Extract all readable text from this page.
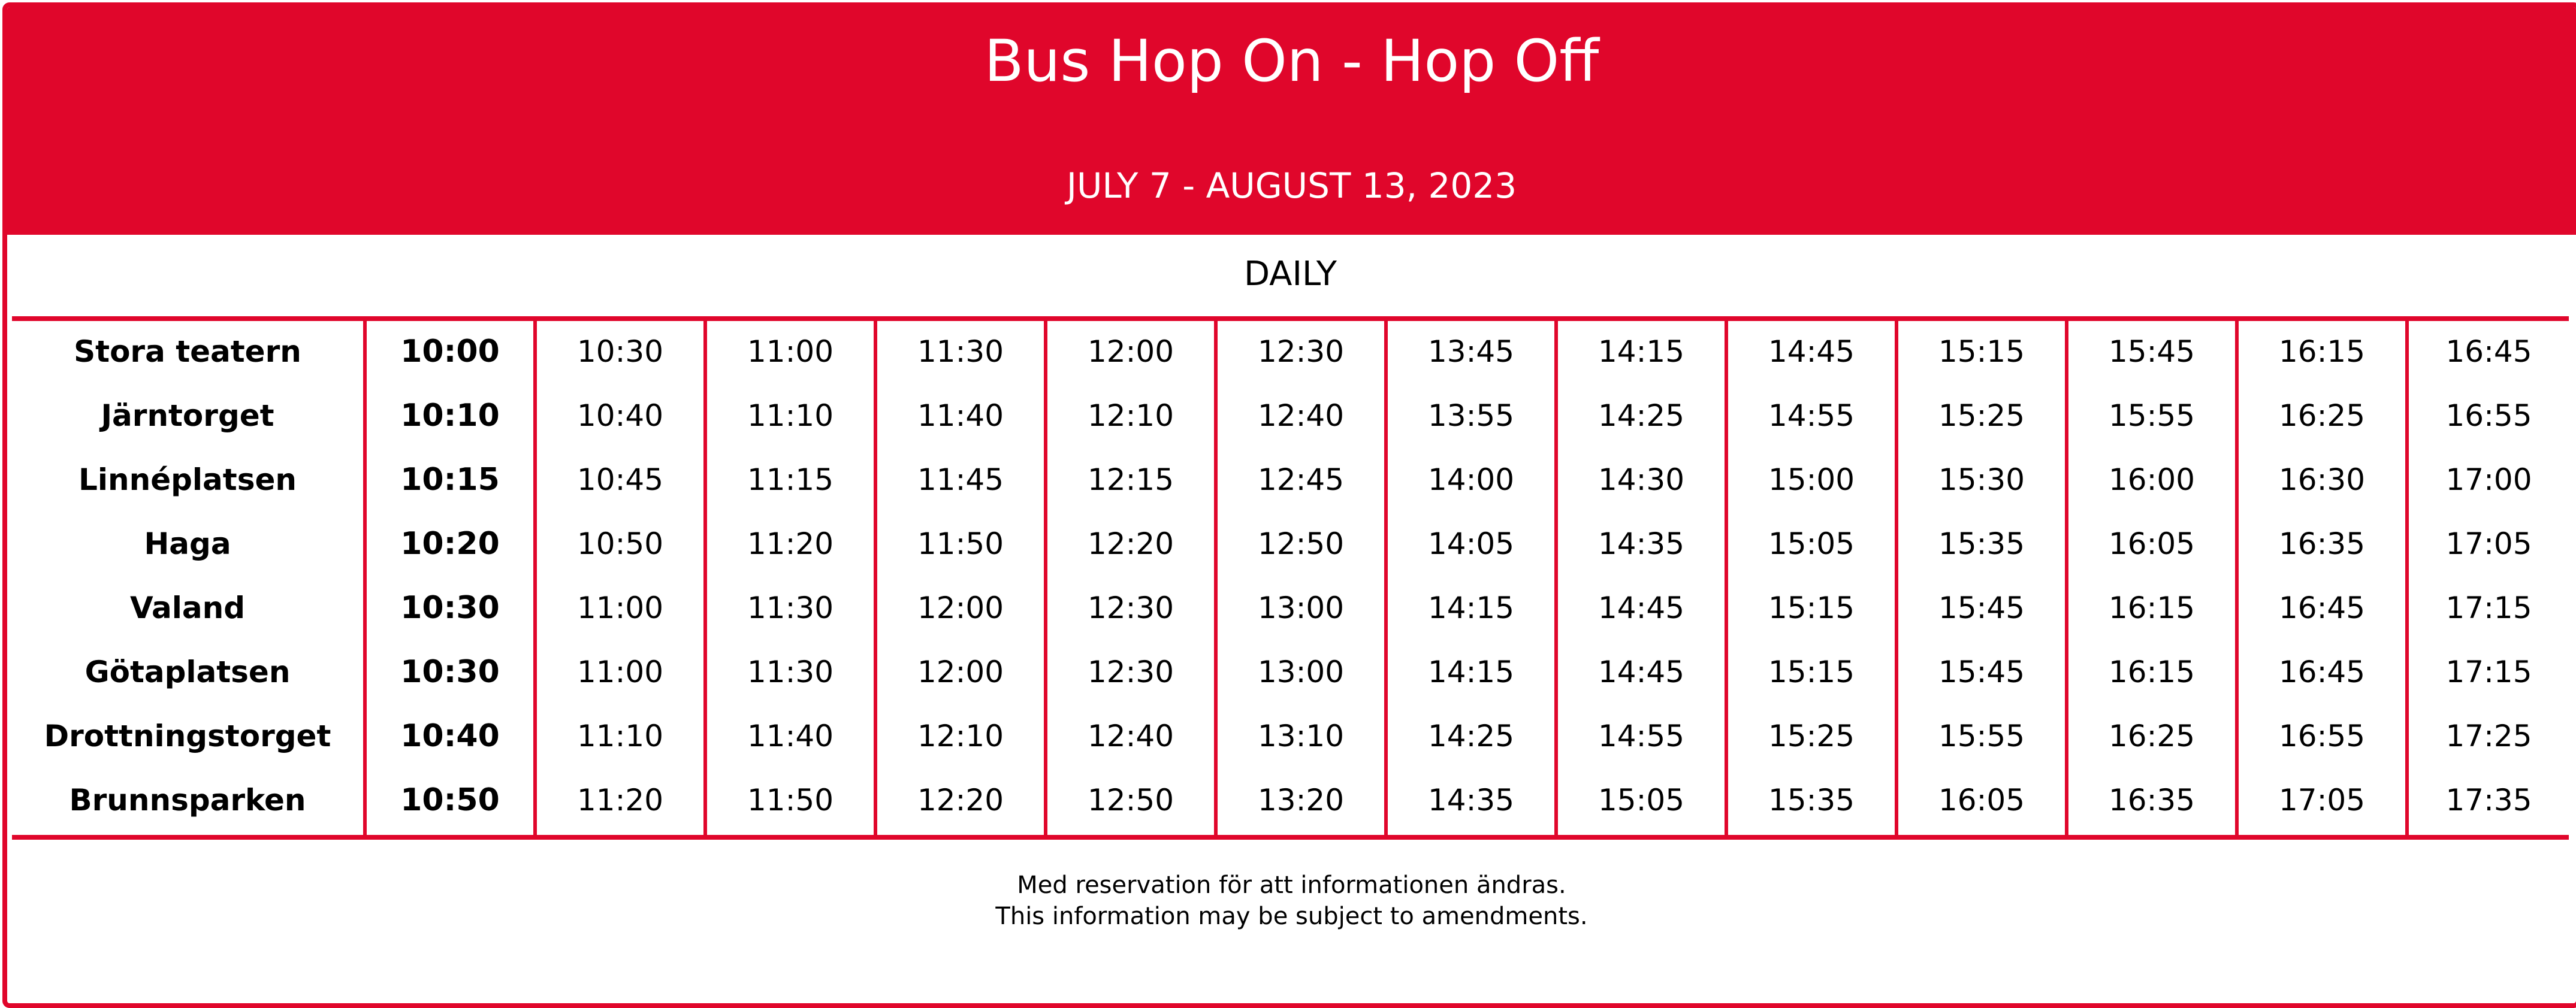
Bus Hop On - Hop Off
JULY 7 - AUGUST 13, 2023
DAILY
Stora teatern
Järntorget
Linnéplatsen
Haga
Valand
Götaplatsen
Drottningstorget
Brunnsparken
10:00
10:10
10:15
10:20
10:30
10:30
10:40
10:50
10:30
10:40
10:45
10:50
11:00
11:00
11:10
11:20
11:00
11:10
11:15
11:20
11:30
11:30
11:40
11:50
11:30
11:40
11:45
11:50
12:00
12:00
12:10
12:20
12:00
12:10
12:15
12:20
12:30
12:30
12:40
12:50
12:30
12:40
12:45
12:50
13:00
13:00
13:10
13:20
13:45
13:55
14:00
14:05
14:15
14:15
14:25
14:35
14:15
14:25
14:30
14:35
14:45
14:45
14:55
15:05
14:45
14:55
15:00
15:05
15:15
15:15
15:25
15:35
15:15
15:25
15:30
15:35
15:45
15:45
15:55
16:05
15:45
15:55
16:00
16:05
16:15
16:15
16:25
16:35
16:15
16:25
16:30
16:35
16:45
16:45
16:55
17:05
16:45
16:55
17:00
17:05
17:15
17:15
17:25
17:35
Med reservation för att informationen ändras.
This information may be subject to amendments.
